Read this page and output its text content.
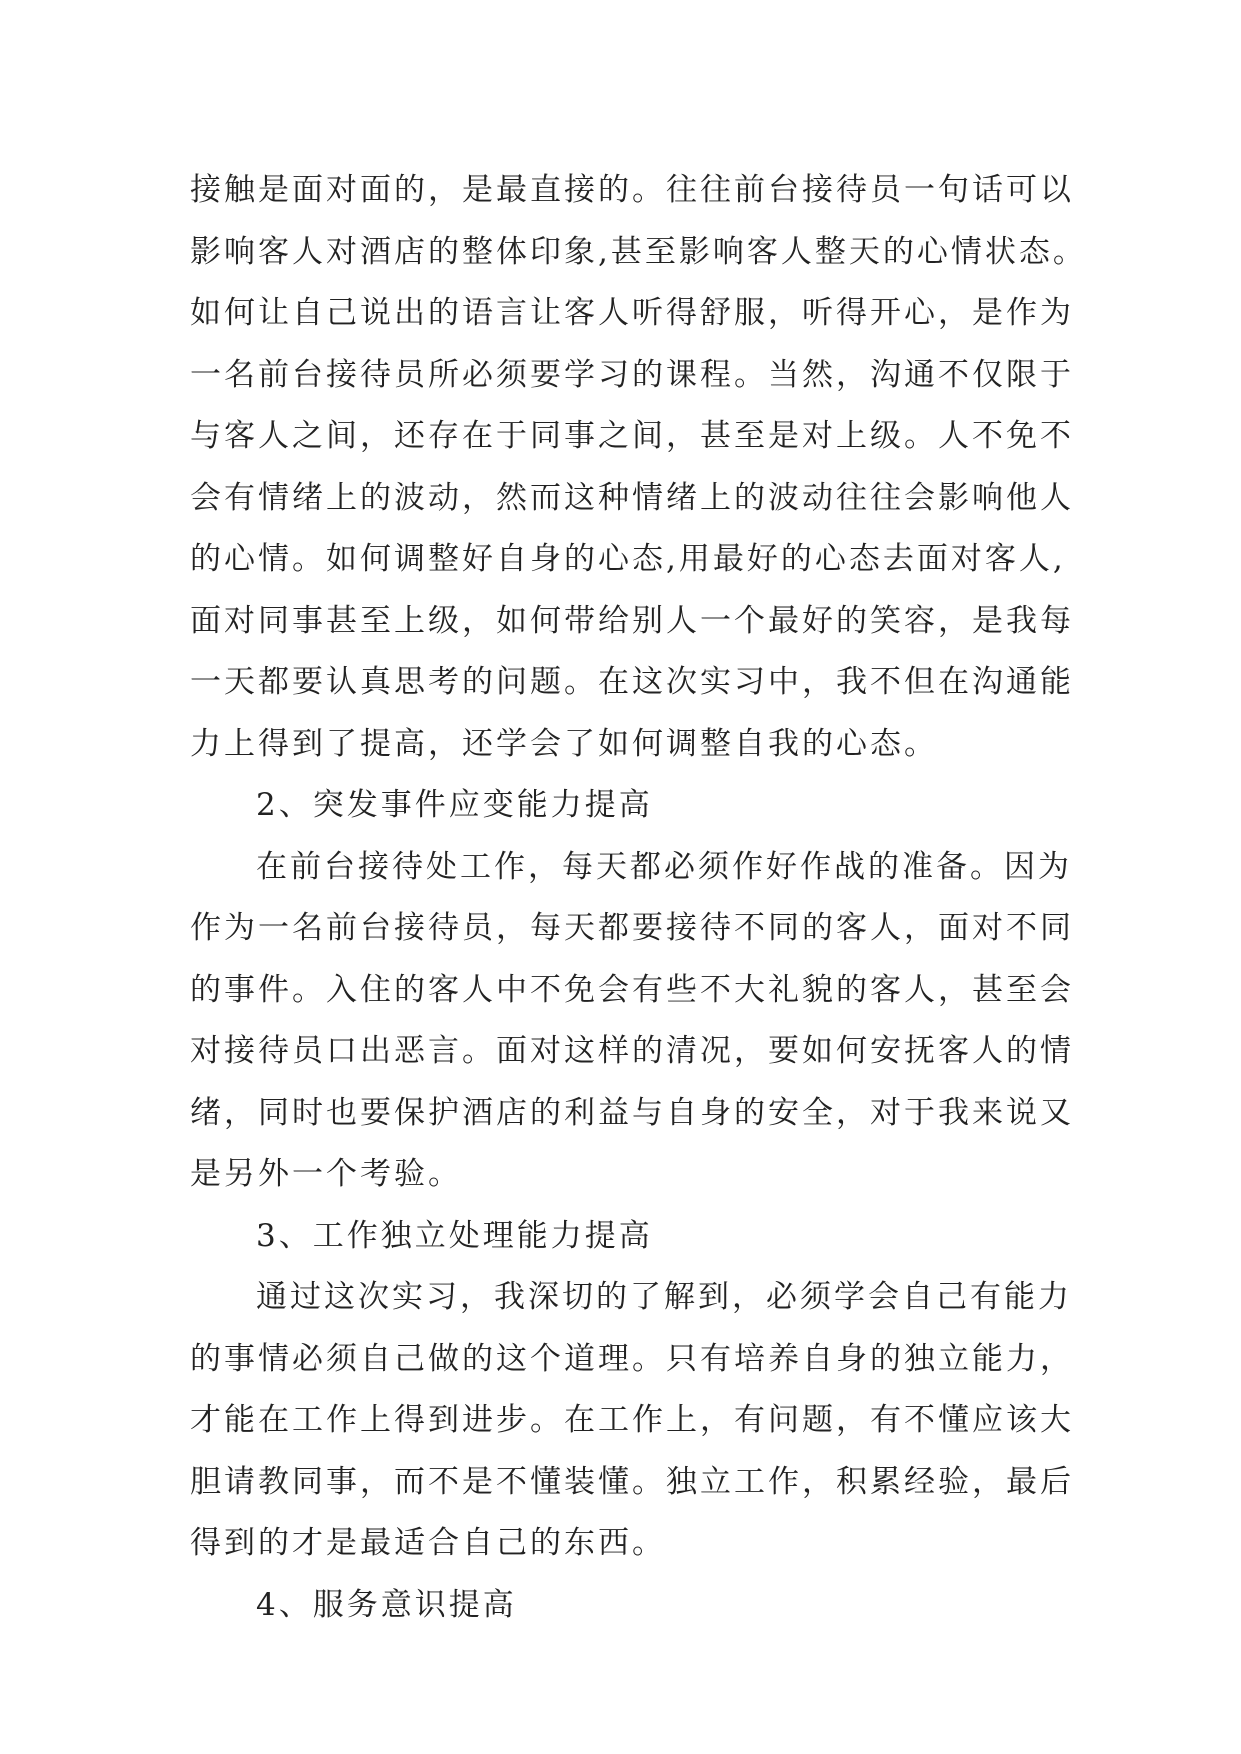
接触是面对面的，是最直接的。往往前台接待员一句话可以
影响客人对酒店的整体印象,甚至影响客人整天的心情状态。
如何让自己说出的语言让客人听得舒服，听得开心，是作为
一名前台接待员所必须要学习的课程。当然，沟通不仅限于
与客人之间，还存在于同事之间，甚至是对上级。人不免不
会有情绪上的波动，然而这种情绪上的波动往往会影响他人
的心情。如何调整好自身的心态,用最好的心态去面对客人,
面对同事甚至上级，如何带给别人一个最好的笑容，是我每
一天都要认真思考的问题。在这次实习中，我不但在沟通能
力上得到了提高，还学会了如何调整自我的心态。
2、突发事件应变能力提高
在前台接待处工作，每天都必须作好作战的准备。因为
作为一名前台接待员，每天都要接待不同的客人，面对不同
的事件。入住的客人中不免会有些不大礼貌的客人，甚至会
对接待员口出恶言。面对这样的清况，要如何安抚客人的情
绪，同时也要保护酒店的利益与自身的安全，对于我来说又
是另外一个考验。
3、工作独立处理能力提高
通过这次实习，我深切的了解到，必须学会自己有能力
的事情必须自己做的这个道理。只有培养自身的独立能力，
才能在工作上得到进步。在工作上，有问题，有不懂应该大
胆请教同事，而不是不懂装懂。独立工作，积累经验，最后
得到的才是最适合自己的东西。
4、服务意识提高
